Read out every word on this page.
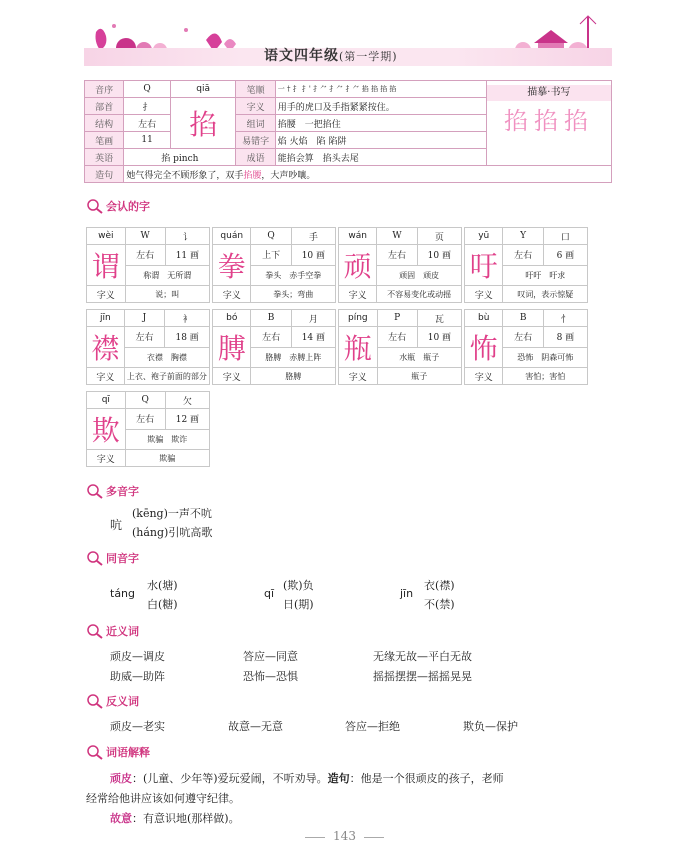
语文四年级(第一学期)
音序	Q	qiā	笔顺	一 † 扌 扌' 扌⺈ 扌⺈ 扌⺈ 掐 掐 掐 掐	描摹·书写
掐掐掐

部首	扌	掐	字义	用手的虎口及手指紧紧按住。	
结构	左右		组词	掐腰　一把掐住	
笔画	11		易错字	焰 火焰　陷 陷阱	
英语	掐 pinch		成语	能掐会算　掐头去尾	
造句	她气得完全不顾形象了，双手掐腰，大声吵嚷。				
会认的字
wèi	W	讠
谓	左右	11 画
	称谓　无所谓	
字义	说；叫	
quán	Q	手
拳	上下	10 画
	拳头　赤手空拳	
字义	拳头；弯曲	
wán	W	页
顽	左右	10 画
	顽固　顽皮	
字义	不容易变化或动摇	
yū	Y	口
吁	左右	6 画
	吁吁　吁求	
字义	叹词，表示惊疑	
jīn	J	衤
襟	左右	18 画
	衣襟　胸襟	
字义	上衣、袍子前面的部分	
bó	B	月
膊	左右	14 画
	胳膊　赤膊上阵	
字义	胳膊	
píng	P	瓦
瓶	左右	10 画
	水瓶　瓶子	
字义	瓶子	
bù	B	忄
怖	左右	8 画
	恐怖　阴森可怖	
字义	害怕；害怕	
qī	Q	欠
欺	左右	12 画
	欺骗　欺诈	
字义	欺骗	
多音字
吭
(kēng)一声不吭
(háng)引吭高歌
同音字
táng
水(塘)
白(糖)
qī
(欺)负
日(期)
jīn
衣(襟)
不(禁)
近义词
顽皮—调皮	答应—同意	无缘无故—平白无故
助威—助阵	恐怖—恐惧	摇摇摆摆—摇摇晃晃
反义词
顽皮—老实	故意—无意	答应—拒绝	欺负—保护
词语解释
顽皮：(儿童、少年等)爱玩爱闹，不听劝导。造句：他是一个很顽皮的孩子，老师
经常给他讲应该如何遵守纪律。
故意：有意识地(那样做)。
143
